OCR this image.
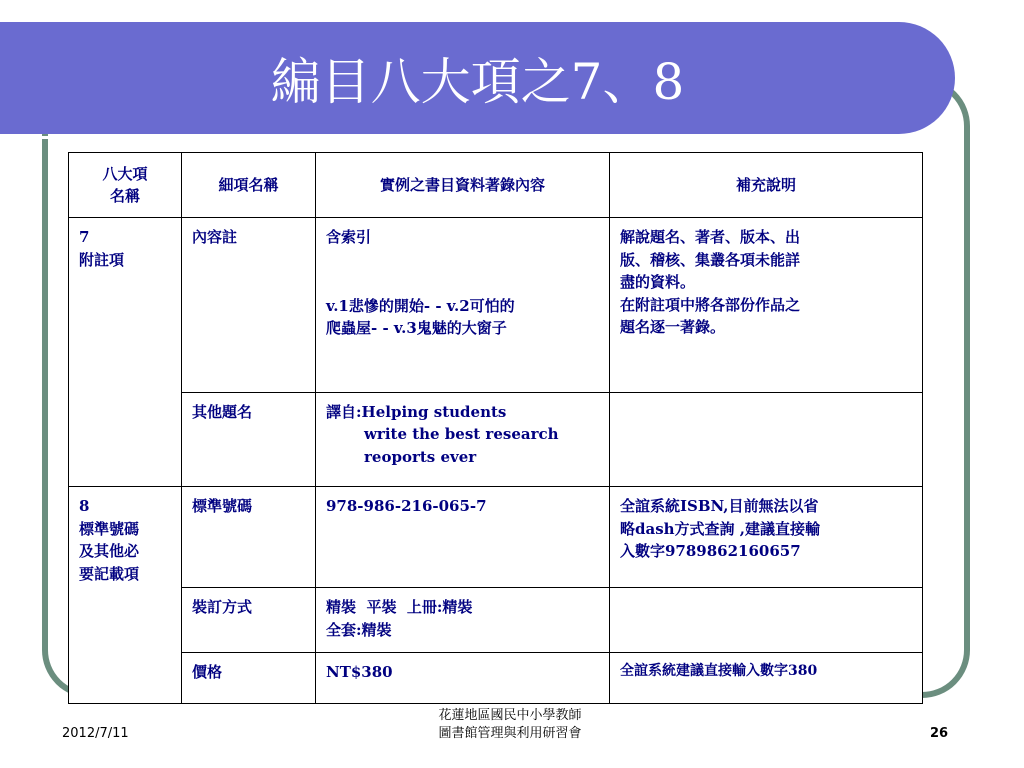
編目八大項之7、8
八大項
名稱	細項名稱	實例之書目資料著錄內容	補充說明

7
附註項	內容註	含索引
v.1悲慘的開始- - v.2可怕的
爬蟲屋- - v.3鬼魅的大窗子	解說題名、著者、版本、出
版、稽核、集叢各項未能詳
盡的資料。
在附註項中將各部份作品之
題名逐一著錄。

	其他題名	譯自:Helping students
write the best research
reoports ever	

8
標準號碼
及其他必
要記載項	標準號碼	978-986-216-065-7	全誼系統ISBN,目前無法以省
略dash方式查詢 ,建議直接輸
入數字9789862160657

	裝訂方式	精裝  平裝  上冊:精裝
全套:精裝	

	價格	NT$380	全誼系統建議直接輸入數字380
2012/7/11
花蓮地區國民中小學教師
圖書館管理與利用研習會	26
